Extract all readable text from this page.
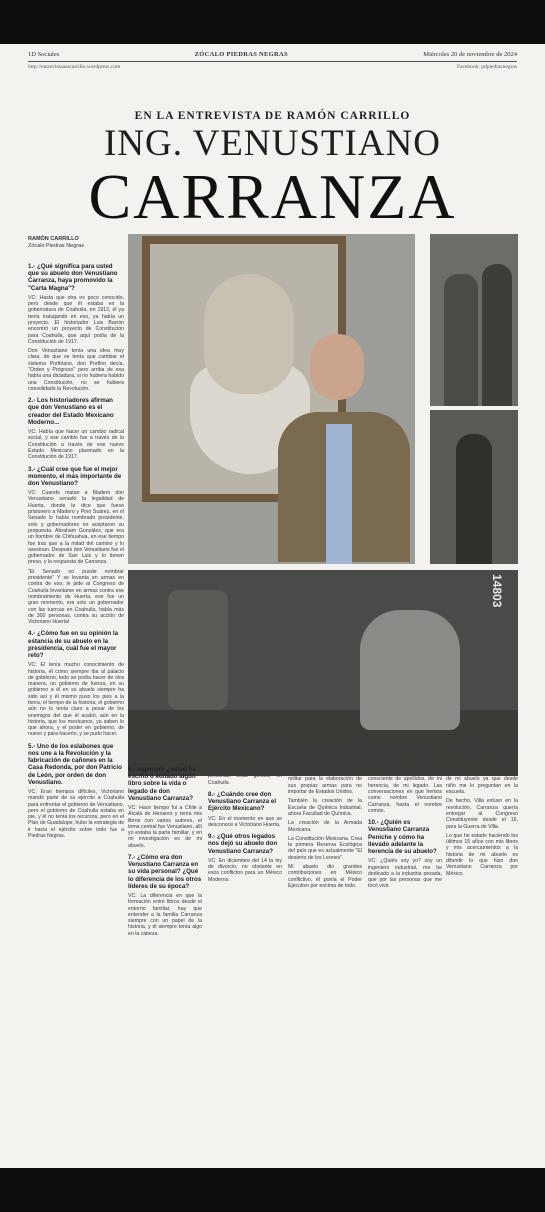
1D Sociales	ZÓCALO PIEDRAS NEGRAS	Miércoles 20 de noviembre de 2024
http://entrevistaasacarrillo.wordpress.com	Facebook: pdpiedrasnegras
EN LA ENTREVISTA DE RAMÓN CARRILLO
ING. VENUSTIANO
CARRANZA
RAMÓN CARRILLO
Zócalo Piedras Negras
1.- ¿Qué significa para usted que su abuelo don Venustiano Carranza, haya promovido la "Carta Magna"?

VC: Hasta que otra es poco conocido, pero desde que él estaba en la gobernatura de Coahuila, en 1912, él ya tenía trabajando en eso, ya había un proyecto. El historiador Luis Barrón encontró un proyecto de Constitución para Coahuila, que aquí podía de la Constitución de 1917.

Don Venustiano tenía una idea muy clara, de que se tenía que cambiar el sistema Porfiriano, don Porfirio decía, "Orden y Progreso" pero arriba de esa había una dictadura, si no hubiera habido una Constitución, no se hubiera consolidado la Revolución.

2.- Los historiadores afirman que don Venustiano es el creador del Estado Mexicano Moderno...

VC: Había que hacer un cambio radical social, y ese cambio fue a través de la Constitución a través de ese nuevo Estado Mexicano plasmado en la Constitución de 1917.

3.- ¿Cuál cree que fue el mejor momento, el más importante de don Venustiano?

VC: Cuando matan a Madero don Venustiano senadó la legalidad de Huerta, donde le dice que fuese prisionero a Madero y Pino Suárez, en el Senado lo había nombrado presidente, solo y gobernadores no aceptaron su propuesta. Abraham González, que era un hombre de Chihuahua, en ese tiempo fue tras que a la mitad del camino y lo asesinan. Después don Venustiano fue el gobernador de San Luis y lo tienen preso, y la respuesta de Carranza.

"El Senado no puede nombrar presidente" Y se levanta en armas en contra de eso, le pide al Congreso de Coahuila levantarse en armas contra ese nombramiento de Huerta, ese fue un gran momento, era solo un gobernador con las tuercas en Coahuila, había más de 300 personas, contra su acción de Victoriano Huerta!

4.- ¿Cómo fue en su opinión la estancia de su abuelo en la presidencia, cuál fue el mayor reto?

VC: El tenía mucho conocimiento de historia, él como siempre iba al palacio de gobierno, todo se podía hacer de otra manera, un gobierno de fuerza, en su gobierno a él en su abuelo siempre ha sido así y él mismo puso los pies a la tierra, el tiempo de la historia, el gobierno aún no lo tenía claro a pesar de los enemigos del que él acabó, aún en la historia, que los mexicanos, ya saben lo que ahora, y el poder en gobierno, de nuevo y para hacerlo, y se pudo hacer.

5.- Uno de los eslabones que nos une a la Revolución y la fabricación de cañones en la Casa Redonda, por don Patricio de León, por orden de don Venustiano.

VC: Eran tiempos difíciles, Victoriano mandó parte de su ejército a Coahuila para enfrentar el gobierno de Venustiano, pero el gobierno de Coahuila estaba en pie, y él no tenía los recursos, pero en el Plan de Guadalupe, hubo la estrategia de ir hacia el ejército sobre todo fue a Piedras Negras.

14803

duras, improvisando con lo que tenían en el taller ¿Me imagino, cómo era eso?

6.- Ingeniero ¿usted ha escrito o editado algún libro sobre la vida o legado de don Venustiano Carranza?

VC: Hace tiempo fui a Chile a Alcalá de Henares y tenía mis libros con varios autores, el tema central fue Venustiano, allí yo estaba la parte familiar, y en mi investigación es de mi abuelo.

7.- ¿Cómo era don Venustiano Carranza en su vida personal? ¿Qué lo diferencia de los otros líderes de su época?

VC: La diferencia en que la formación entre libros desde el entorno familiar, hay que entender a la familia Carranza siempre con un papel de la historia, y él siempre tenía algo en la cabeza.

regresa a México el Estado Unidos, pues estaba el imperio de Maximiliano, es cuando Juárez tenía que pagar su economía, y lo hace con otras personas, otras gentes, en Coahuila.

8.- ¿Cuándo cree don Venustiano Carranza el Ejército Mexicano?

VC: En el momento en que se desconoce a Victoriano Huerta.

9.- ¿Qué otros legados nos dejó su abuelo don Venustiano Carranza?

VC: En diciembre del 14 la ley de divorcio, no obstante en esos conflictos para un México Moderno.

en los talleres de aeronáutica. Era un último informe en 1919 él dice que está haciendo pruebas con sus aviones.

En 1915 se crea la industria militar para la elaboración de sus propias armas para no importar de Estados Unidos.

También la creación de la Escuela de Química Industrial, ahora Facultad de Química.

La creación de la Armada Mexicana.

La Constitución Mexicana. Crea la primera Reserva Ecológica del país que es actualmente "El desierto de los Leones".

Mi abuelo dio grandes contribuciones en México conflictivo, él ponía el Poder Ejecutivo por encima de todo.

mi carácter y más condiciones morales no está en pie a México y tiene para el que me tocó vivir ese día del PRI.

Entonces sigo en ciudadano consciente de apellidos, de mi herencia, de mi legado. Las conversaciones en que hemos como nombre Venustiano Carranza, hasta el nombre común.

10.- ¿Quién es Venustiano Carranza Peniche y cómo ha llevado adelante la herencia de su abuelo?

VC: ¿Quién soy yo? soy un ingeniero industrial, me he dedicado a la industria pesada, que por las personas que me tocó vivir.

ese tiempo fue la tropa de Venustiano a Piedras Negras en ese espacio del tiempo.

Lo que hago es simplemente tratar de difundir la trayectoria de mi abuelo ya que desde niño me lo preguntan en la escuela.

De hecho, Villa estuvo en la revolución, Carranza quería entregar al Congreso Constituyente desde el 16, para la Guerra de Villa.

Lo que he estado haciendo los últimos 15 años con mis libros y mis acercamientos a la historia de mi abuelo es difundir lo que hizo don Venustiano Carranza por México.
